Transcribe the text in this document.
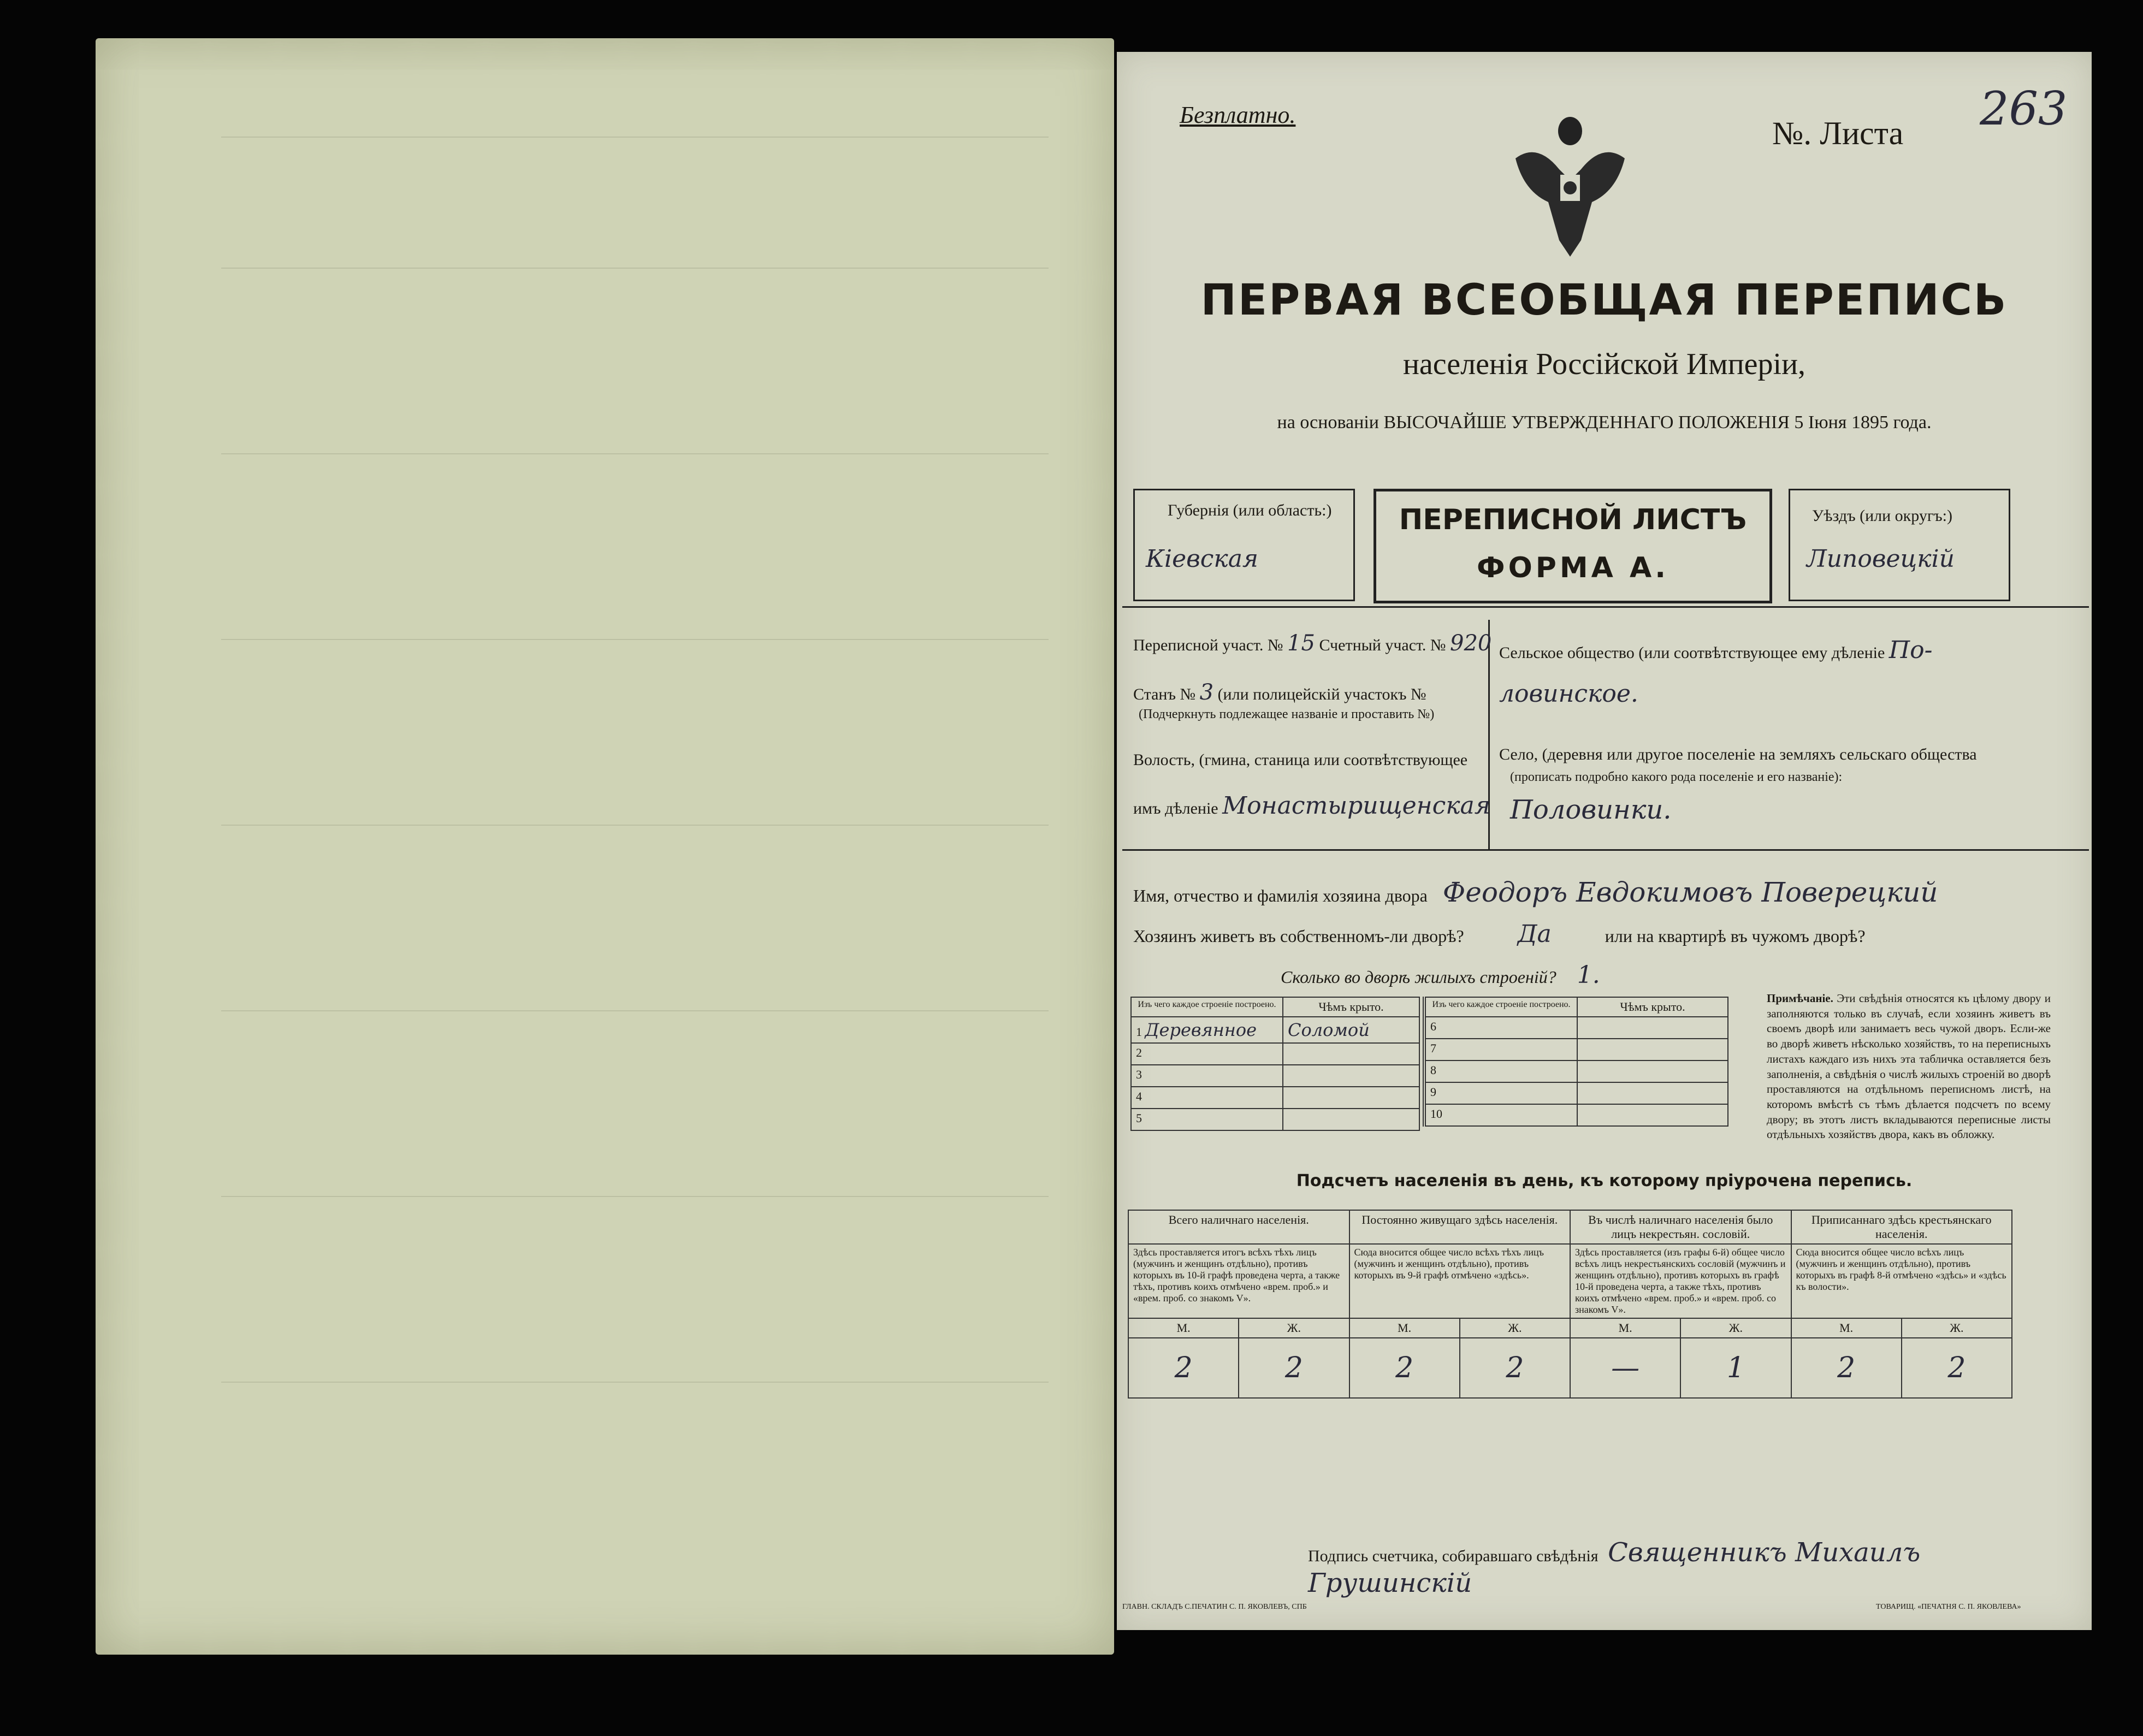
Безплатно.
№. Листа 263
ПЕРВАЯ ВСЕОБЩАЯ ПЕРЕПИСЬ
населенія Россійской Имперіи,
на основаніи ВЫСОЧАЙШЕ УТВЕРЖДЕННАГО ПОЛОЖЕНІЯ 5 Іюня 1895 года.
Губернія (или область:)
Кіевская
ПЕРЕПИСНОЙ ЛИСТЪ
ФОРМА А.
Уѣздъ (или округъ:)
Липовецкій
Переписной участ. № 15 Счетный участ. № 920
Станъ № 3 (или полицейскій участокъ №
(Подчеркнуть подлежащее названіе и проставить №)
Волость, (гмина, станица или соотвѣтствующее
имъ дѣленіе Монастырищенская
Сельское общество (или соотвѣтствующее ему дѣленіе По-
ловинское.
Село, (деревня или другое поселеніе на земляхъ сельскаго общества
(прописать подробно какого рода поселеніе и его названіе):
Половинки.
Имя, отчество и фамилія хозяина двора Феодоръ Евдокимовъ Поверецкий
Хозяинъ живетъ въ собственномъ-ли дворѣ? Да	или на квартирѣ въ чужомъ дворѣ?
Сколько во дворѣ жилыхъ строеній? 1.
Изъ чего каждое строеніе построено.	Чѣмъ крыто.
1 Деревянное	Соломой
2	
3	
4	
5	
Изъ чего каждое строеніе построено.	Чѣмъ крыто.
6	
7	
8	
9	
10	
Примѣчаніе. Эти свѣдѣнія относятся къ цѣлому двору и заполняются только въ случаѣ, если хозяинъ живетъ въ своемъ дворѣ или занимаетъ весь чужой дворъ. Если-же во дворѣ живетъ нѣсколько хозяйствъ, то на переписныхъ листахъ каждаго изъ нихъ эта табличка оставляется безъ заполненія, а свѣдѣнія о числѣ жилыхъ строеній во дворѣ проставляются на отдѣльномъ переписномъ листѣ, на которомъ вмѣстѣ съ тѣмъ дѣлается подсчетъ по всему двору; въ этотъ листъ вкладываются переписные листы отдѣльныхъ хозяйствъ двора, какъ въ обложку.
Подсчетъ населенія въ день, къ которому пріурочена перепись.
Всего наличнаго населенія.		Постоянно живущаго здѣсь населенія.		Въ числѣ наличнаго населенія было лицъ некрестьян. сословій.		Приписаннаго здѣсь крестьянскаго населенія.	
Здѣсь проставляется итогъ всѣхъ тѣхъ лицъ (мужчинъ и женщинъ отдѣльно), противъ которыхъ въ 10-й графѣ проведена черта, а также тѣхъ, противъ коихъ отмѣчено «врем. пpоб.» и «врем. проб. со знакомъ V».		Сюда вносится общее число всѣхъ тѣхъ лицъ (мужчинъ и женщинъ отдѣльно), противъ которыхъ въ 9-й графѣ отмѣчено «здѣсь».		Здѣсь проставляется (изъ графы 6-й) общее число всѣхъ лицъ некрестьянскихъ сословій (мужчинъ и женщинъ отдѣльно), противъ которыхъ въ графѣ 10-й проведена черта, а также тѣхъ, противъ коихъ отмѣчено «врем. проб.» и «врем. проб. со знакомъ V».		Сюда вносится общее число всѣхъ лицъ (мужчинъ и женщинъ отдѣльно), противъ которыхъ въ графѣ 8-й отмѣчено «здѣсь» и «здѣсь къ волости».	
М.	Ж.	М.	Ж.	М.	Ж.	М.	Ж.
2	2	2	2	—	1	2	2
Подпись счетчика, собиравшаго свѣдѣнія Священникъ Михаилъ Грушинскій
ГЛАВН. СКЛАДЪ С.ПЕЧАТИН С. П. ЯКОВЛЕВЪ, СПБ	ТОВАРИЩ. «ПЕЧАТНЯ С. П. ЯКОВЛЕВА»
